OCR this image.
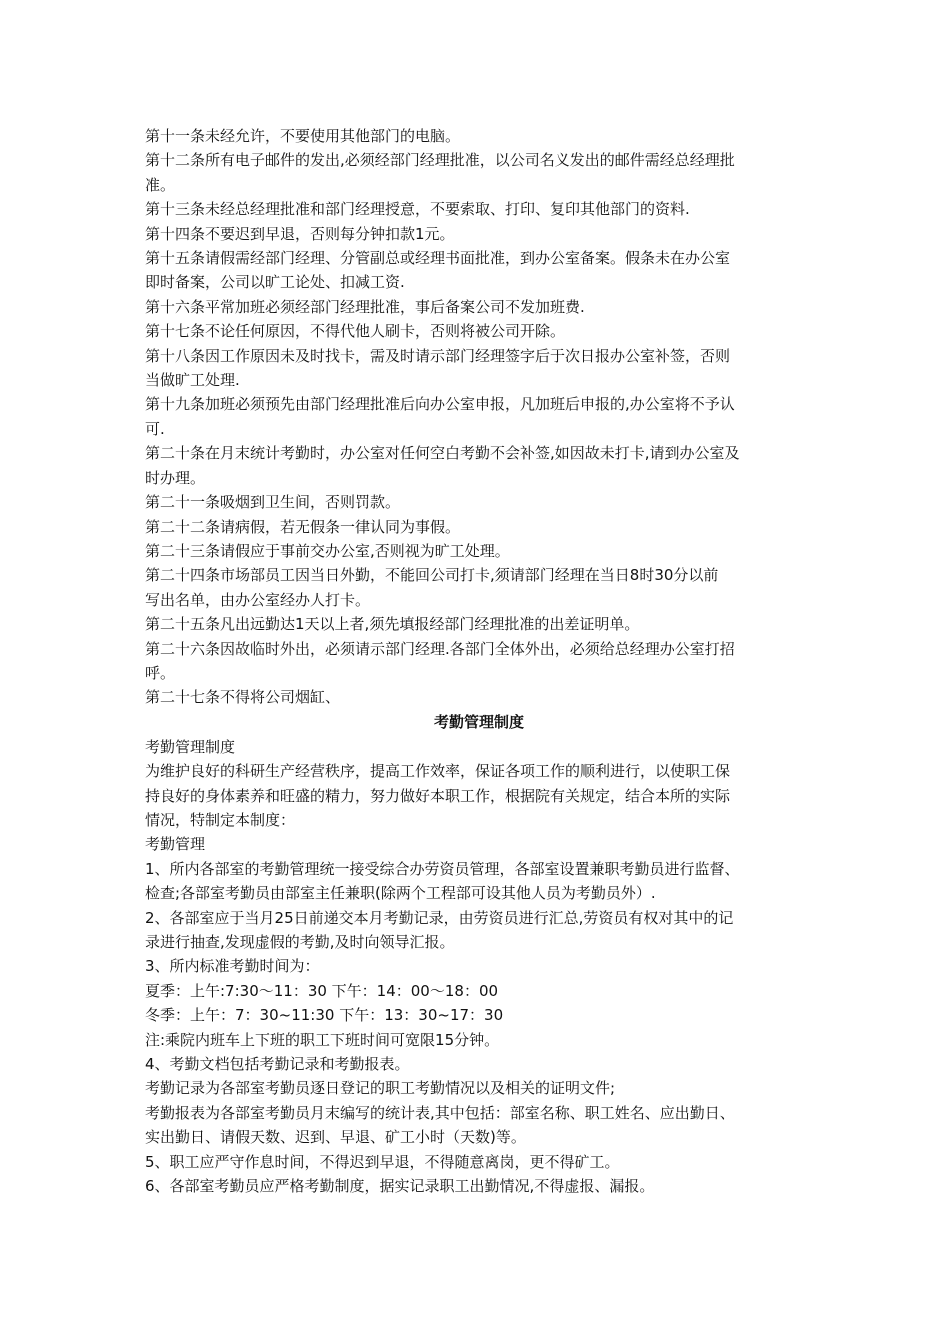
第十一条未经允许，不要使用其他部门的电脑。
第十二条所有电子邮件的发出,必须经部门经理批准，以公司名义发出的邮件需经总经理批
准。
第十三条未经总经理批准和部门经理授意，不要索取、打印、复印其他部门的资料.
第十四条不要迟到早退，否则每分钟扣款1元。
第十五条请假需经部门经理、分管副总或经理书面批准，到办公室备案。假条未在办公室
即时备案，公司以旷工论处、扣减工资.
第十六条平常加班必须经部门经理批准，事后备案公司不发加班费.
第十七条不论任何原因，不得代他人刷卡，否则将被公司开除。
第十八条因工作原因未及时找卡，需及时请示部门经理签字后于次日报办公室补签，否则
当做旷工处理.
第十九条加班必须预先由部门经理批准后向办公室申报，凡加班后申报的,办公室将不予认
可.
第二十条在月末统计考勤时，办公室对任何空白考勤不会补签,如因故未打卡,请到办公室及
时办理。
第二十一条吸烟到卫生间，否则罚款。
第二十二条请病假，若无假条一律认同为事假。
第二十三条请假应于事前交办公室,否则视为旷工处理。
第二十四条市场部员工因当日外勤，不能回公司打卡,须请部门经理在当日8时30分以前
写出名单，由办公室经办人打卡。
第二十五条凡出远勤达1天以上者,须先填报经部门经理批准的出差证明单。
第二十六条因故临时外出，必须请示部门经理.各部门全体外出，必须给总经理办公室打招
呼。
第二十七条不得将公司烟缸、
考勤管理制度
考勤管理制度
为维护良好的科研生产经营秩序，提高工作效率，保证各项工作的顺利进行，以使职工保
持良好的身体素养和旺盛的精力，努力做好本职工作，根据院有关规定，结合本所的实际
情况，特制定本制度：
考勤管理
1、所内各部室的考勤管理统一接受综合办劳资员管理，各部室设置兼职考勤员进行监督、
检查;各部室考勤员由部室主任兼职(除两个工程部可设其他人员为考勤员外）.
2、各部室应于当月25日前递交本月考勤记录，由劳资员进行汇总,劳资员有权对其中的记
录进行抽查,发现虚假的考勤,及时向领导汇报。
3、所内标准考勤时间为：
夏季：上午:7:30～11：30 下午：14：00～18：00
冬季：上午：7：30~11:30 下午：13：30~17：30
注:乘院内班车上下班的职工下班时间可宽限15分钟。
4、考勤文档包括考勤记录和考勤报表。
考勤记录为各部室考勤员逐日登记的职工考勤情况以及相关的证明文件;
考勤报表为各部室考勤员月末编写的统计表,其中包括：部室名称、职工姓名、应出勤日、
实出勤日、请假天数、迟到、早退、矿工小时（天数)等。
5、职工应严守作息时间，不得迟到早退，不得随意离岗，更不得矿工。
6、各部室考勤员应严格考勤制度，据实记录职工出勤情况,不得虚报、漏报。
